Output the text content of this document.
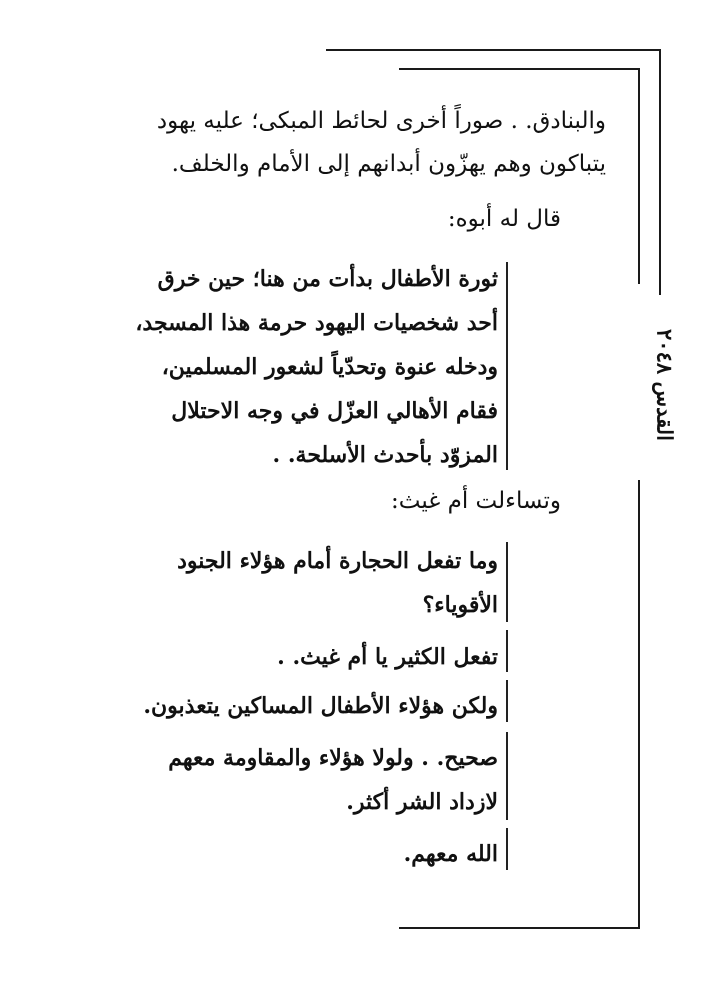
القدس ٢٠٤٨

والبنادق. . صوراً أخرى لحائط المبكى؛ عليه يهود

يتباكون وهم يهزّون أبدانهم إلى الأمام والخلف.

قال له أبوه:

ثورة الأطفال بدأت من هنا؛ حين خرق

أحد شخصيات اليهود حرمة هذا المسجد،

ودخله عنوة وتحدّياً لشعور المسلمين،

فقام الأهالي العزّل في وجه الاحتلال

المزوّد بأحدث الأسلحة. .

وتساءلت أم غيث:

وما تفعل الحجارة أمام هؤلاء الجنود

الأقوياء؟

تفعل الكثير يا أم غيث. .

ولكن هؤلاء الأطفال المساكين يتعذبون.

صحيح. . ولولا هؤلاء والمقاومة معهم

لازداد الشر أكثر.

الله معهم.
